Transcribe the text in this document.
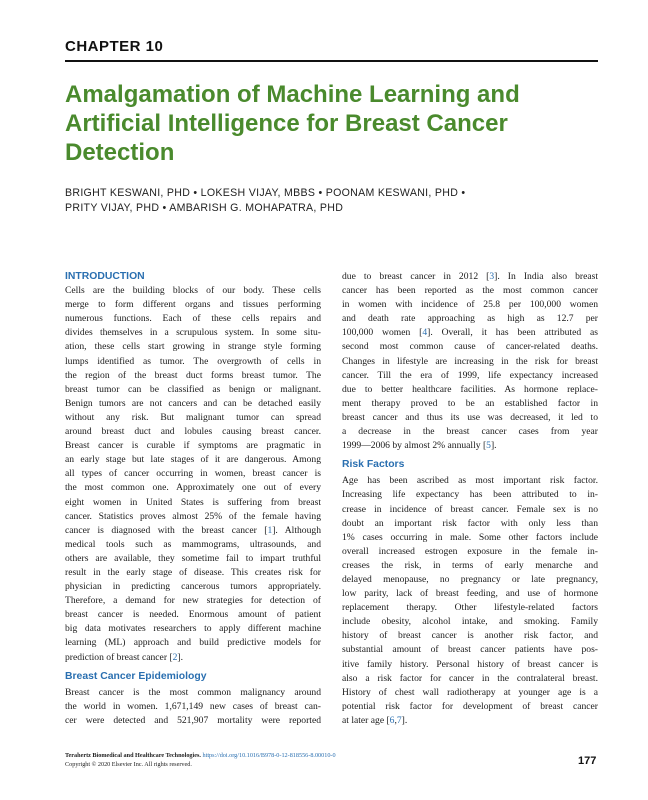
CHAPTER 10
Amalgamation of Machine Learning and
Artificial Intelligence for Breast Cancer
Detection
BRIGHT KESWANI, PHD • LOKESH VIJAY, MBBS • POONAM KESWANI, PHD •
PRITY VIJAY, PHD • AMBARISH G. MOHAPATRA, PHD
INTRODUCTION
Cells are the building blocks of our body. These cells
merge to form different organs and tissues performing
numerous functions. Each of these cells repairs and
divides themselves in a scrupulous system. In some situ-
ation, these cells start growing in strange style forming
lumps identified as tumor. The overgrowth of cells in
the region of the breast duct forms breast tumor. The
breast tumor can be classified as benign or malignant.
Benign tumors are not cancers and can be detached easily
without any risk. But malignant tumor can spread
around breast duct and lobules causing breast cancer.
Breast cancer is curable if symptoms are pragmatic in
an early stage but late stages of it are dangerous. Among
all types of cancer occurring in women, breast cancer is
the most common one. Approximately one out of every
eight women in United States is suffering from breast
cancer. Statistics proves almost 25% of the female having
cancer is diagnosed with the breast cancer [1]. Although
medical tools such as mammograms, ultrasounds, and
others are available, they sometime fail to impart truthful
result in the early stage of disease. This creates risk for
physician in predicting cancerous tumors appropriately.
Therefore, a demand for new strategies for detection of
breast cancer is needed. Enormous amount of patient
big data motivates researchers to apply different machine
learning (ML) approach and build predictive models for
prediction of breast cancer [2].
Breast Cancer Epidemiology
Breast cancer is the most common malignancy around
the world in women. 1,671,149 new cases of breast can-
cer were detected and 521,907 mortality were reported
due to breast cancer in 2012 [3]. In India also breast
cancer has been reported as the most common cancer
in women with incidence of 25.8 per 100,000 women
and death rate approaching as high as 12.7 per
100,000 women [4]. Overall, it has been attributed as
second most common cause of cancer-related deaths.
Changes in lifestyle are increasing in the risk for breast
cancer. Till the era of 1999, life expectancy increased
due to better healthcare facilities. As hormone replace-
ment therapy proved to be an established factor in
breast cancer and thus its use was decreased, it led to
a decrease in the breast cancer cases from year
1999—2006 by almost 2% annually [5].
Risk Factors
Age has been ascribed as most important risk factor.
Increasing life expectancy has been attributed to in-
crease in incidence of breast cancer. Female sex is no
doubt an important risk factor with only less than
1% cases occurring in male. Some other factors include
overall increased estrogen exposure in the female in-
creases the risk, in terms of early menarche and
delayed menopause, no pregnancy or late pregnancy,
low parity, lack of breast feeding, and use of hormone
replacement therapy. Other lifestyle-related factors
include obesity, alcohol intake, and smoking. Family
history of breast cancer is another risk factor, and
substantial amount of breast cancer patients have pos-
itive family history. Personal history of breast cancer is
also a risk factor for cancer in the contralateral breast.
History of chest wall radiotherapy at younger age is a
potential risk factor for development of breast cancer
at later age [6,7].
Terahertz Biomedical and Healthcare Technologies. https://doi.org/10.1016/B978-0-12-818556-8.00010-0
Copyright © 2020 Elsevier Inc. All rights reserved.	177
